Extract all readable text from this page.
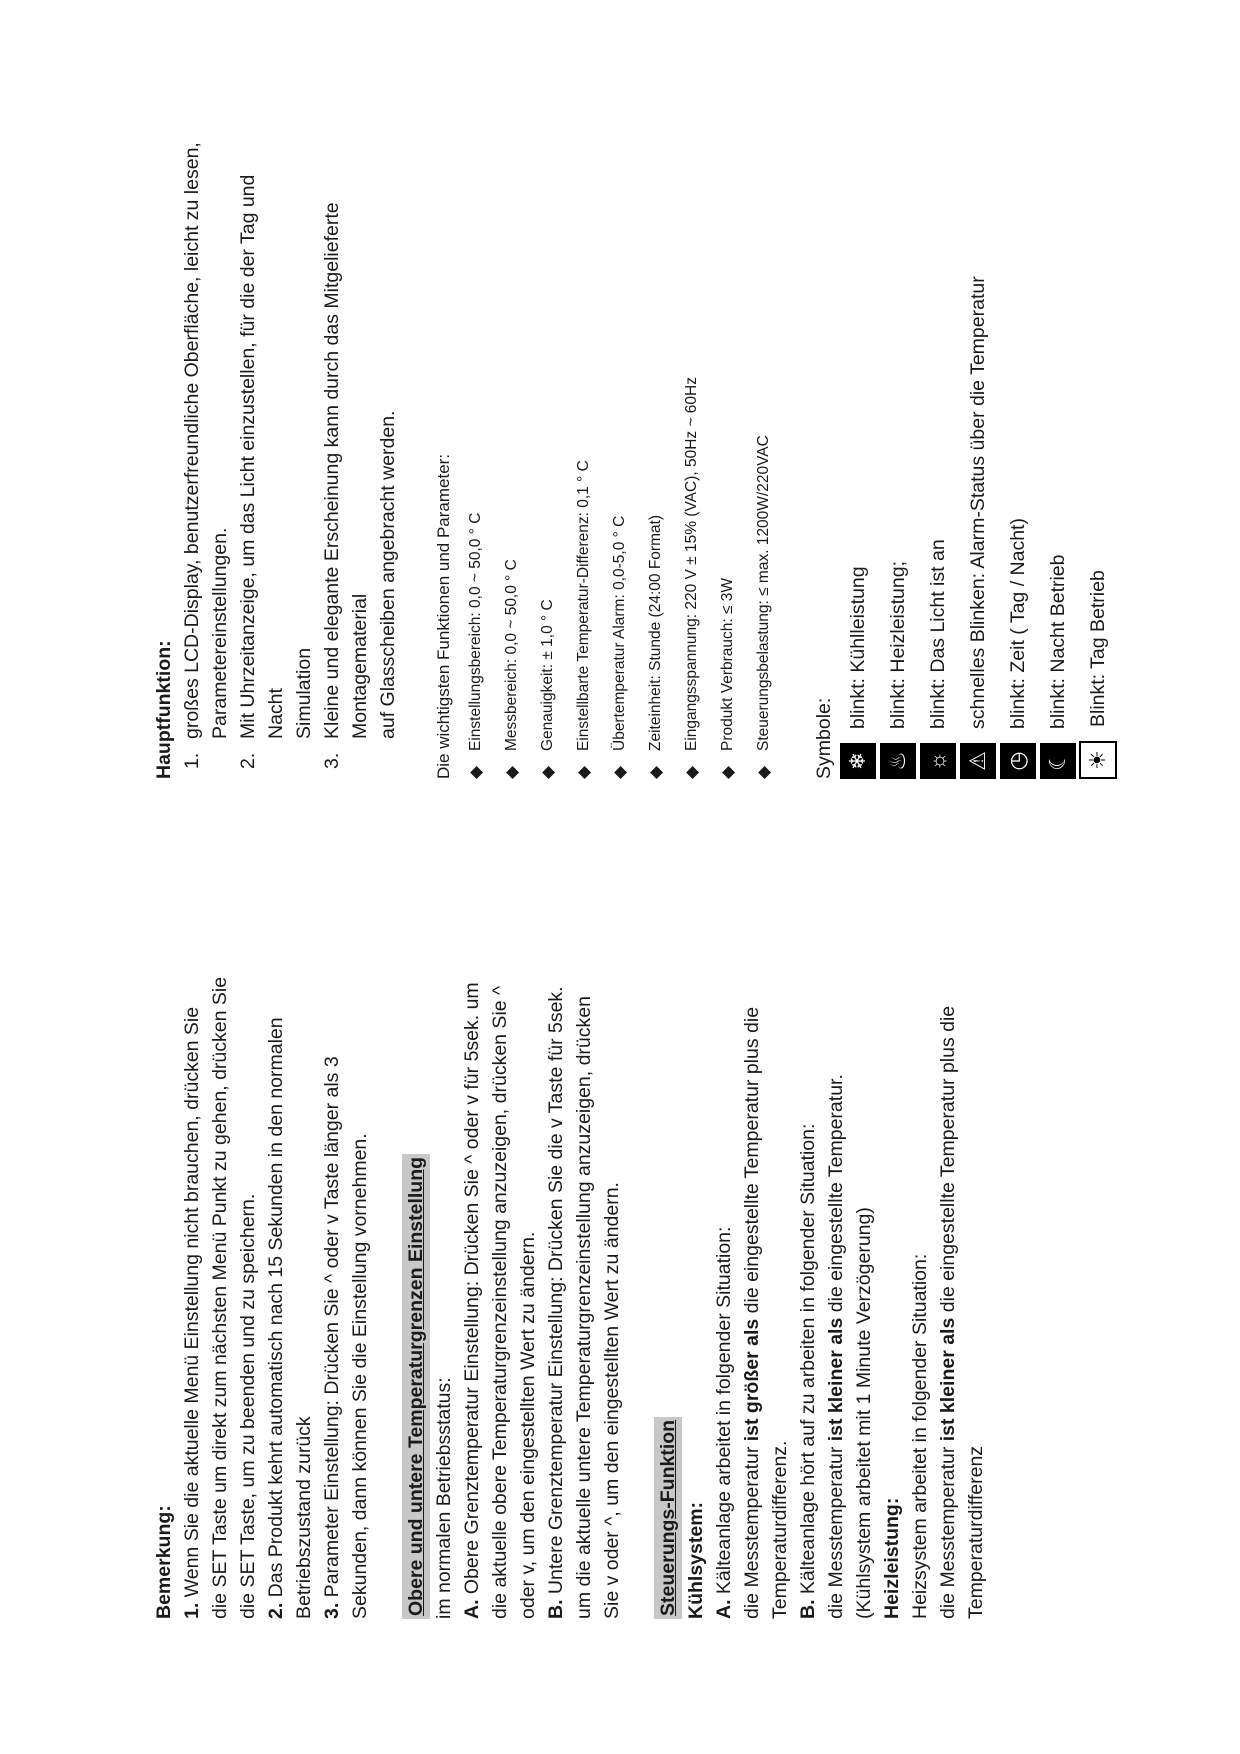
Bemerkung: 1. Wenn Sie die aktuelle Menü Einstellung nicht brauchen, drücken Sie die SET Taste um direkt zum nächsten Menü Punkt zu gehen, drücken Sie die SET Taste, um zu beenden und zu speichern. 2. Das Produkt kehrt automatisch nach 15 Sekunden in den normalen Betriebszustand zurück 3. Parameter Einstellung: Drücken Sie ^ oder v Taste länger als 3 Sekunden, dann können Sie die Einstellung vornehmen. Obere und untere Temperaturgrenzen Einstellung im normalen Betriebsstatus: A. Obere Grenztemperatur Einstellung: Drücken Sie ^ oder v für 5sek. um die aktuelle obere Temperaturgrenzeinstellung anzuzeigen, drücken Sie ^ oder v, um den eingestellten Wert zu ändern. B. Untere Grenztemperatur Einstellung: Drücken Sie die v Taste für 5sek. um die aktuelle untere Temperaturgrenzeinstellung anzuzeigen, drücken Sie v oder ^, um den eingestellten Wert zu ändern. Steuerungs-Funktion Kühlsystem: A. Kälteanlage arbeitet in folgender Situation: die Messtemperatur ist größer als die eingestellte Temperatur plus die
Temperaturdifferenz. B. Kälteanlage hört auf zu arbeiten in folgender Situation: die Messtemperatur ist kleiner als die eingestellte Temperatur.
(Kühlsystem arbeitet mit 1 Minute Verzögerung) Heizleistung: Heizsystem arbeitet in folgender Situation: die Messtemperatur ist kleiner als die eingestellte Temperatur plus die
Temperaturdifferenz

Hauptfunktion: 1.
großes LCD-Display, benutzerfreundliche Oberfläche, leicht zu lesen, Parametereinstellungen.
2.
Mit Uhrzeitanzeige, um das Licht einzustellen, für die der Tag und Nacht Simulation
3.
Kleine und elegante Erscheinung kann durch das Mitgelieferte Montagematerial auf Glasscheiben angebracht werden. Die wichtigsten Funktionen und Parameter: ◆
Einstellungsbereich: 0,0 ~ 50,0 ° C
◆
Messbereich: 0,0 ~ 50,0 ° C
◆
Genauigkeit: ± 1,0 ° C
◆
Einstellbarte Temperatur-Differenz: 0,1 ° C
◆
Übertemperatur Alarm: 0,0-5,0 ° C
◆
Zeiteinheit: Stunde (24:00 Format)
◆
Eingangsspannung: 220 V ± 15% (VAC), 50Hz ~ 60Hz
◆
Produkt Verbrauch: ≤ 3W
◆
Steuerungsbelastung: ≤ max. 1200W/220VAC	Symbole: ❄
blinkt: Kühlleistung
♨
blinkt: Heizleistung;
☼
blinkt: Das Licht ist an
⚠
schnelles Blinken: Alarm-Status über die Temperatur
◷
blinkt: Zeit ( Tag / Nacht)
☾
blinkt: Nacht Betrieb
☀
Blinkt: Tag Betrieb
